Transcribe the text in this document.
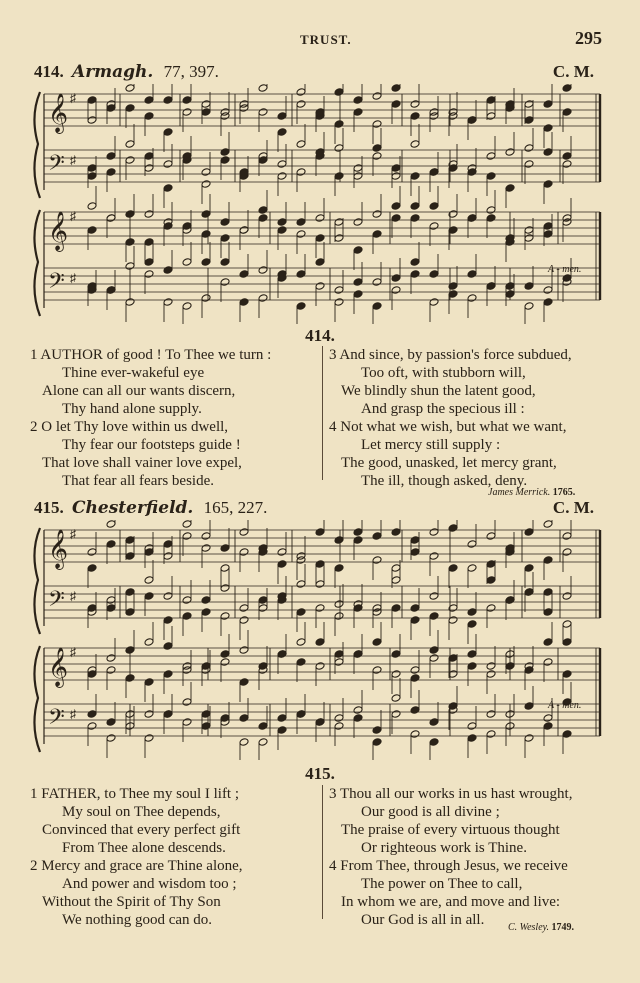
TRUST.	295
414. Armagh. 77, 397.	C. M.
𝄞 ♯
𝄢 ♯
𝄞 ♯
𝄢 ♯
A - men.
414.
1 AUTHOR of good ! To Thee we turn :
Thine ever-wakeful eye
Alone can all our wants discern,
Thy hand alone supply.
2 O let Thy love within us dwell,
Thy fear our footsteps guide !
That love shall vainer love expel,
That fear all fears beside.
3 And since, by passion's force subdued,
Too oft, with stubborn will,
We blindly shun the latent good,
And grasp the specious ill :
4 Not what we wish, but what we want,
Let mercy still supply :
The good, unasked, let mercy grant,
The ill, though asked, deny.
James Merrick. 1765.
415. Chesterfield. 165, 227.	C. M.
𝄞 ♯
𝄢 ♯
𝄞 ♯
𝄢 ♯
A - men.
415.
1 FATHER, to Thee my soul I lift ;
My soul on Thee depends,
Convinced that every perfect gift
From Thee alone descends.
2 Mercy and grace are Thine alone,
And power and wisdom too ;
Without the Spirit of Thy Son
We nothing good can do.
3 Thou all our works in us hast wrought,
Our good is all divine ;
The praise of every virtuous thought
Or righteous work is Thine.
4 From Thee, through Jesus, we receive
The power on Thee to call,
In whom we are, and move and live:
Our God is all in all.	C. Wesley. 1749.
